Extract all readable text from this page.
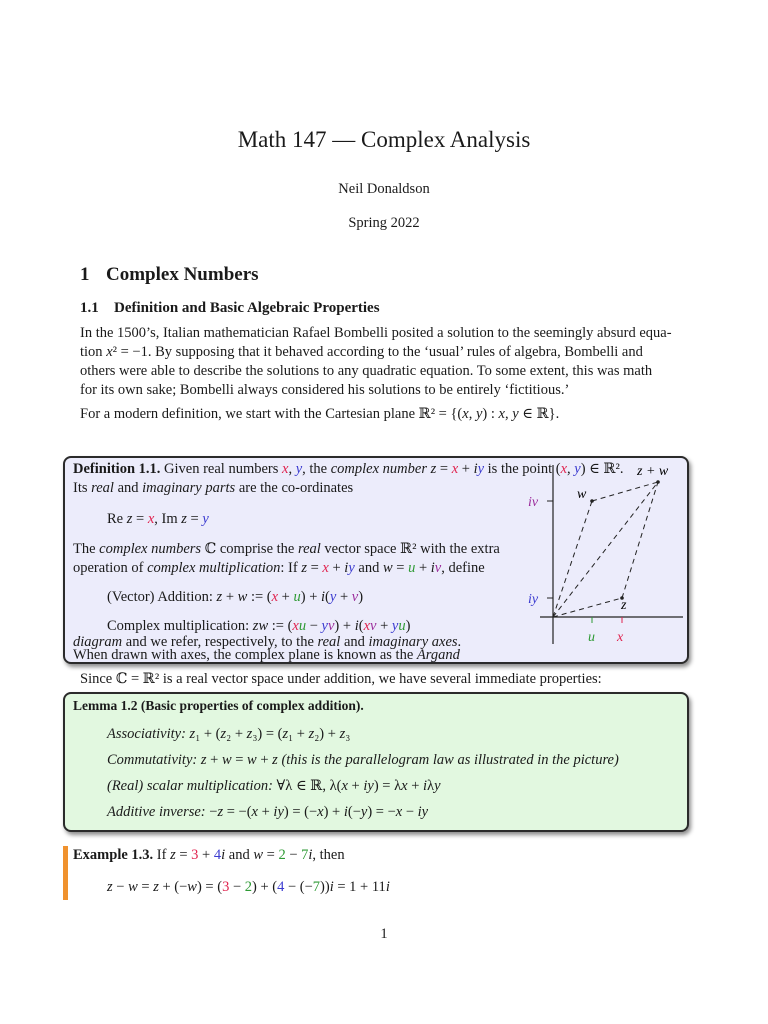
Math 147 — Complex Analysis
Neil Donaldson
Spring 2022
1 Complex Numbers
1.1 Definition and Basic Algebraic Properties
In the 1500’s, Italian mathematician Rafael Bombelli posited a solution to the seemingly absurd equa-
tion x² = −1. By supposing that it behaved according to the ‘usual’ rules of algebra, Bombelli and
others were able to describe the solutions to any quadratic equation. To some extent, this was math
for its own sake; Bombelli always considered his solutions to be entirely ‘fictitious.’
For a modern definition, we start with the Cartesian plane ℝ² = {(x, y) : x, y ∈ ℝ}.
Definition 1.1. Given real numbers x, y, the complex number z = x + iy is the point (x, y) ∈ ℝ².
Its real and imaginary parts are the co-ordinates
Re z = x, Im z = y
The complex numbers ℂ comprise the real vector space ℝ² with the extra
operation of complex multiplication: If z = x + iy and w = u + iv, define
(Vector) Addition: z + w := (x + u) + i(y + v)
Complex multiplication: zw := (xu − yv) + i(xv + yu)
When drawn with axes, the complex plane is known as the Argand
diagram and we refer, respectively, to the real and imaginary axes.
z + w
w
z
iv
iy
u x
Since ℂ = ℝ² is a real vector space under addition, we have several immediate properties:
Lemma 1.2 (Basic properties of complex addition).
Associativity: z₁ + (z₂ + z₃) = (z₁ + z₂) + z₃
Commutativity: z + w = w + z (this is the parallelogram law as illustrated in the picture)
(Real) scalar multiplication: ∀λ ∈ ℝ, λ(x + iy) = λx + iλy
Additive inverse: −z = −(x + iy) = (−x) + i(−y) = −x − iy
Example 1.3. If z = 3 + 4i and w = 2 − 7i, then
z − w = z + (−w) = (3 − 2) + (4 − (−7))i = 1 + 11i
1
